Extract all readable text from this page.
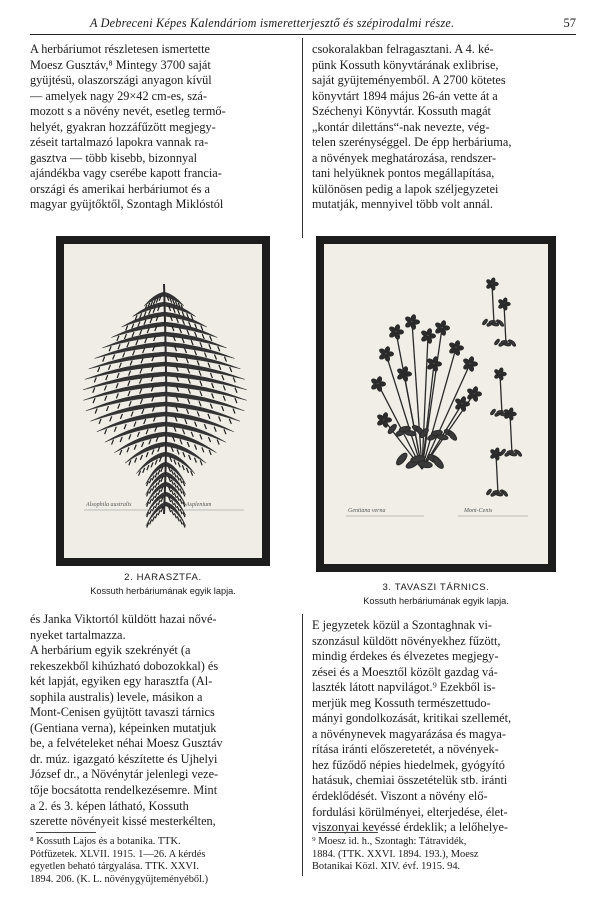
A Debreceni Képes Kalendáriom ismeretterjesztő és szépirodalmi része.	57
A herbáriumot részletesen ismertette
Moesz Gusztáv,⁸ Mintegy 3700 saját
gyüjtésü, olaszországi anyagon kívül
— amelyek nagy 29×42 cm-es, szá-
mozott s a növény nevét, esetleg termő-
helyét, gyakran hozzáfűzött megjegy-
zéseit tartalmazó lapokra vannak ra-
gasztva — több kisebb, bizonnyal
ajándékba vagy cserébe kapott francia-
országi és amerikai herbáriumot és a
magyar gyüjtőktől, Szontagh Miklóstól
csokoralakban felragasztani. A 4. ké-
pünk Kossuth könyvtárának exlibrise,
saját gyüjteményemből. A 2700 kötetes
könyvtárt 1894 május 26-án vette át a
Széchenyi Könyvtár. Kossuth magát
„kontár dilettáns“-nak nevezte, vég-
telen szerénységgel. De épp herbáriuma,
a növények meghatározása, rendszer-
tani helyüknek pontos megállapítása,
különösen pedig a lapok széljegyzetei
mutatják, mennyivel több volt annál.
Alsophila australis	Asplenium
2. HARASZTFA.
Kossuth herbáriumának egyik lapja.
Gentiana verna	Mont-Cenis
3. TAVASZI TÁRNICS.
Kossuth herbáriumának egyik lapja.
és Janka Viktortól küldött hazai nővé-
nyeket tartalmazza.
A herbárium egyik szekrényét (a
rekeszekből kihúzható dobozokkal) és
két lapját, egyiken egy harasztfa (Al-
sophila australis) levele, másikon a
Mont-Cenisen gyüjtött tavaszi tárnics
(Gentiana verna), képeinken mutatjuk
be, a felvételeket néhai Moesz Gusztáv
dr. múz. igazgató készítette és Ujhelyi
József dr., a Növénytár jelenlegi veze-
tője bocsátotta rendelkezésemre. Mint
a 2. és 3. képen látható, Kossuth
szerette növényeit kissé mesterkélten,
E jegyzetek közül a Szontaghnak vi-
szonzásul küldött növényekhez fűzött,
mindig érdekes és élvezetes megjegy-
zései és a Moesztől közölt gazdag vá-
laszték látott napvilágot.⁹ Ezekből is-
merjük meg Kossuth természettudo-
mányi gondolkozását, kritikai szellemét,
a növénynevek magyarázása és magya-
rítása iránti előszeretetét, a növények-
hez fűződő népies hiedelmek, gyógyító
hatásuk, chemiai összetételük stb. iránti
érdeklődését. Viszont a növény elő-
fordulási körülményei, elterjedése, élet-
viszonyai kevéssé érdeklik; a lelőhelye-
⁸ Kossuth Lajos és a botanika. TTK.
Pótfüzetek. XLVII. 1915. 1—26. A kérdés
egyetlen beható tárgyalása. TTK. XXVI.
1894. 206. (K. L. növénygyüjteményéből.)
⁹ Moesz id. h., Szontagh: Tátravidék,
1884. (TTK. XXVI. 1894. 193.), Moesz
Botanikai Közl. XIV. évf. 1915. 94.
